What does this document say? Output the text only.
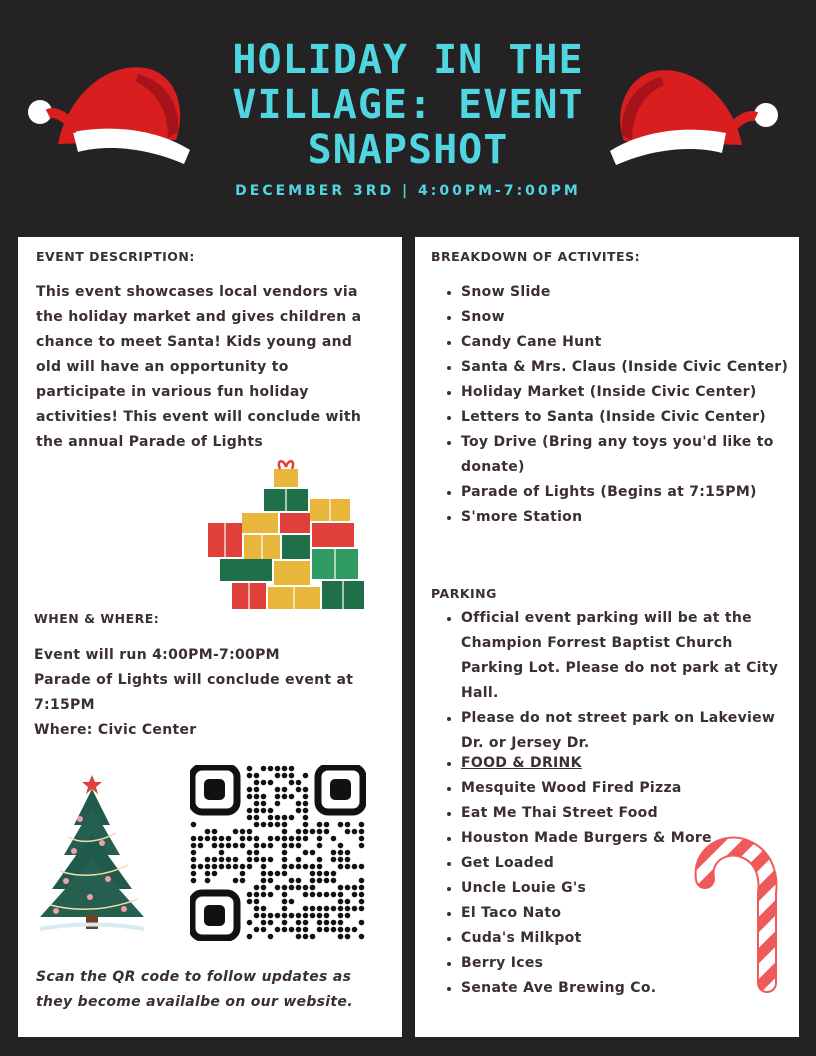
HOLIDAY IN THE
VILLAGE: EVENT
SNAPSHOT
DECEMBER 3RD | 4:00PM-7:00PM
EVENT DESCRIPTION:
This event showcases local vendors via
the holiday market and gives children a
chance to meet Santa! Kids young and
old will have an opportunity to
participate in various fun holiday
activities! This event will conclude with
the annual Parade of Lights
WHEN & WHERE:
Event will run 4:00PM-7:00PM
Parade of Lights will conclude event at
7:15PM
Where: Civic Center
Scan the QR code to follow updates as
they become availalbe on our website.
BREAKDOWN OF ACTIVITES:
• Snow Slide
• Snow
• Candy Cane Hunt
• Santa & Mrs. Claus (Inside Civic Center)
• Holiday Market (Inside Civic Center)
• Letters to Santa (Inside Civic Center)
• Toy Drive (Bring any toys you'd like to donate)
• Parade of Lights (Begins at 7:15PM)
• S'more Station
PARKING
• Official event parking will be at the Champion Forrest Baptist Church Parking Lot. Please do not park at City Hall.
• Please do not street park on Lakeview Dr. or Jersey Dr.
• FOOD & DRINK
• Mesquite Wood Fired Pizza
• Eat Me Thai Street Food
• Houston Made Burgers & More
• Get Loaded
• Uncle Louie G's
• El Taco Nato
• Cuda's Milkpot
• Berry Ices
• Senate Ave Brewing Co.
